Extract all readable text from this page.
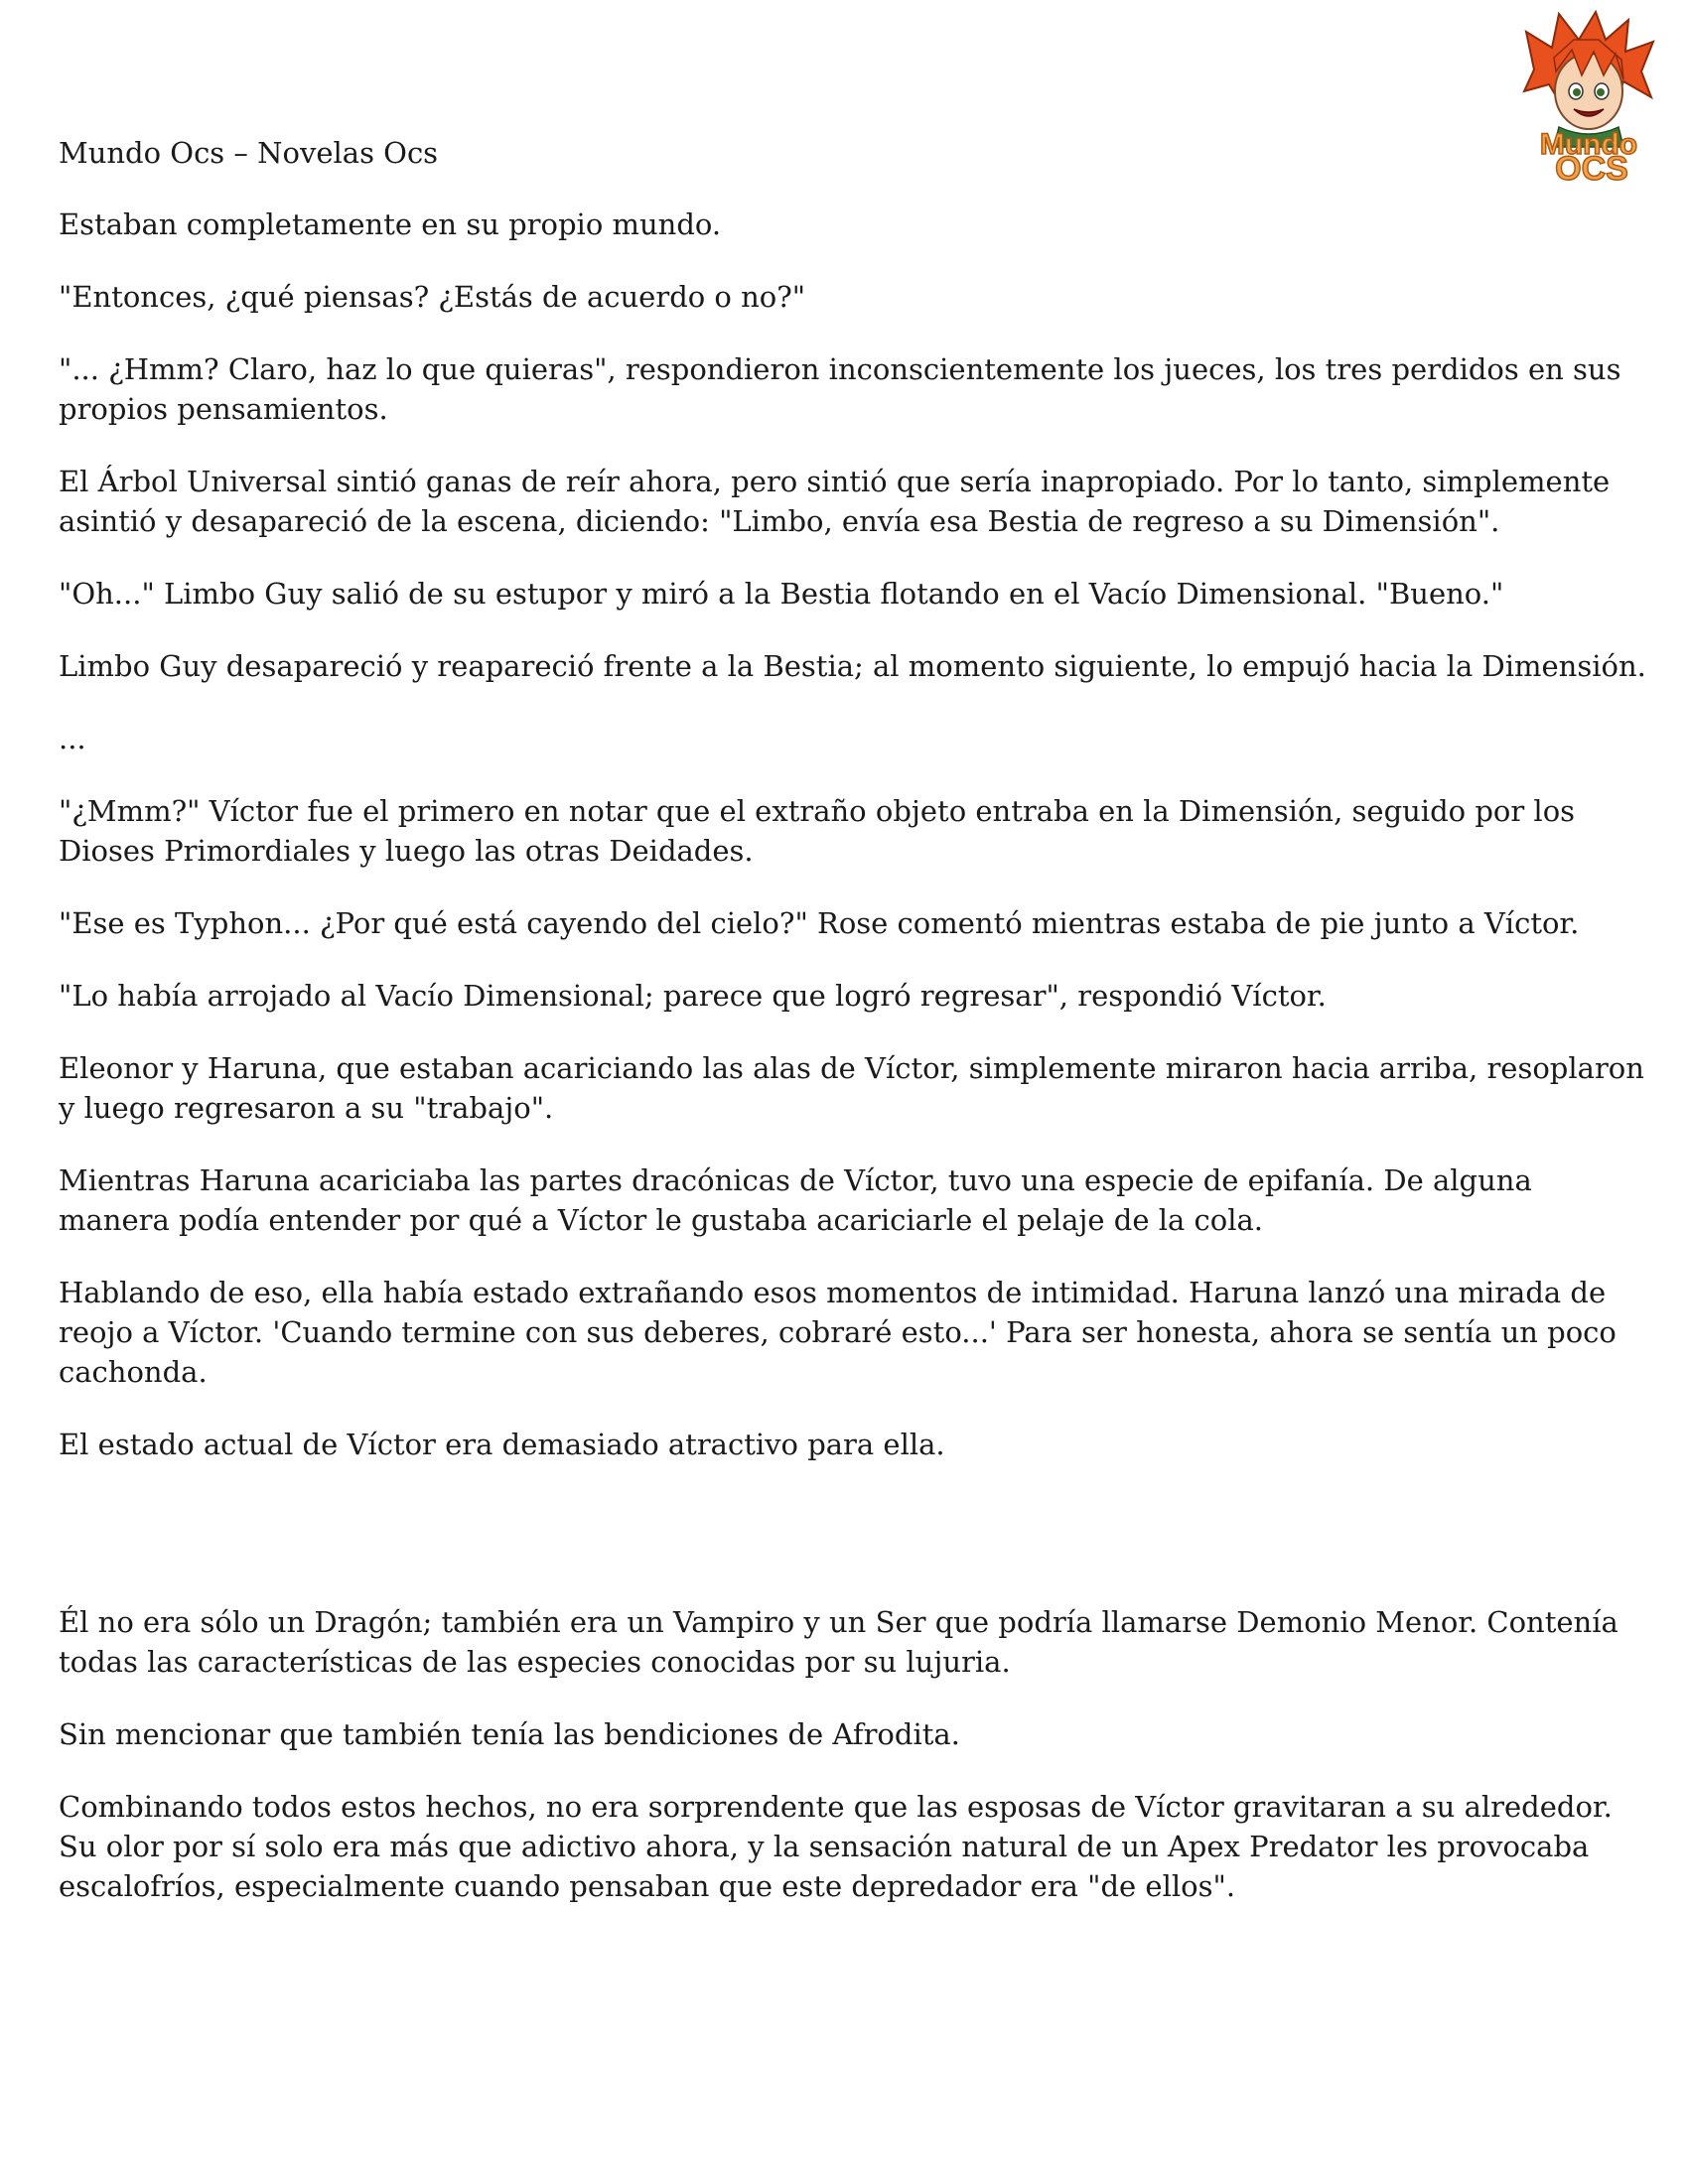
Mundo
OCS
Mundo Ocs – Novelas Ocs

Estaban completamente en su propio mundo.

"Entonces, ¿qué piensas? ¿Estás de acuerdo o no?"

"... ¿Hmm? Claro, haz lo que quieras", respondieron inconscientemente los jueces, los tres perdidos en sus propios pensamientos.

El Árbol Universal sintió ganas de reír ahora, pero sintió que sería inapropiado. Por lo tanto, simplemente asintió y desapareció de la escena, diciendo: "Limbo, envía esa Bestia de regreso a su Dimensión".

"Oh..." Limbo Guy salió de su estupor y miró a la Bestia flotando en el Vacío Dimensional. "Bueno."

Limbo Guy desapareció y reapareció frente a la Bestia; al momento siguiente, lo empujó hacia la Dimensión.

...

"¿Mmm?" Víctor fue el primero en notar que el extraño objeto entraba en la Dimensión, seguido por los Dioses Primordiales y luego las otras Deidades.

"Ese es Typhon... ¿Por qué está cayendo del cielo?" Rose comentó mientras estaba de pie junto a Víctor.

"Lo había arrojado al Vacío Dimensional; parece que logró regresar", respondió Víctor.

Eleonor y Haruna, que estaban acariciando las alas de Víctor, simplemente miraron hacia arriba, resoplaron y luego regresaron a su "trabajo".

Mientras Haruna acariciaba las partes dracónicas de Víctor, tuvo una especie de epifanía. De alguna manera podía entender por qué a Víctor le gustaba acariciarle el pelaje de la cola.

Hablando de eso, ella había estado extrañando esos momentos de intimidad. Haruna lanzó una mirada de reojo a Víctor. 'Cuando termine con sus deberes, cobraré esto...' Para ser honesta, ahora se sentía un poco cachonda.

El estado actual de Víctor era demasiado atractivo para ella.

Él no era sólo un Dragón; también era un Vampiro y un Ser que podría llamarse Demonio Menor. Contenía todas las características de las especies conocidas por su lujuria.

Sin mencionar que también tenía las bendiciones de Afrodita.

Combinando todos estos hechos, no era sorprendente que las esposas de Víctor gravitaran a su alrededor. Su olor por sí solo era más que adictivo ahora, y la sensación natural de un Apex Predator les provocaba escalofríos, especialmente cuando pensaban que este depredador era "de ellos".
